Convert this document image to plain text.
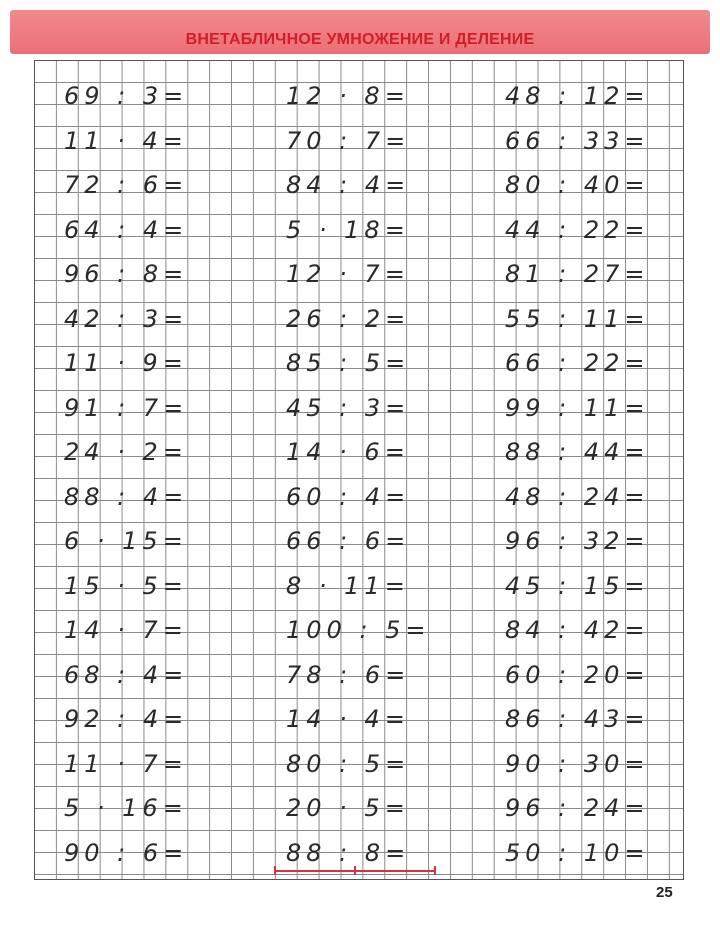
ВНЕТАБЛИЧНОЕ УМНОЖЕНИЕ И ДЕЛЕНИЕ
69 : 3=
11 · 4=
72 : 6=
64 : 4=
96 : 8=
42 : 3=
11 · 9=
91 : 7=
24 · 2=
88 : 4=
6 · 15=
15 · 5=
14 · 7=
68 : 4=
92 : 4=
11 · 7=
5 · 16=
90 : 6=
12 · 8=
70 : 7=
84 : 4=
5 · 18=
12 · 7=
26 : 2=
85 : 5=
45 : 3=
14 · 6=
60 : 4=
66 : 6=
8 · 11=
100 : 5=
78 : 6=
14 · 4=
80 : 5=
20 · 5=
88 : 8=
48 : 12=
66 : 33=
80 : 40=
44 : 22=
81 : 27=
55 : 11=
66 : 22=
99 : 11=
88 : 44=
48 : 24=
96 : 32=
45 : 15=
84 : 42=
60 : 20=
86 : 43=
90 : 30=
96 : 24=
50 : 10=
25
